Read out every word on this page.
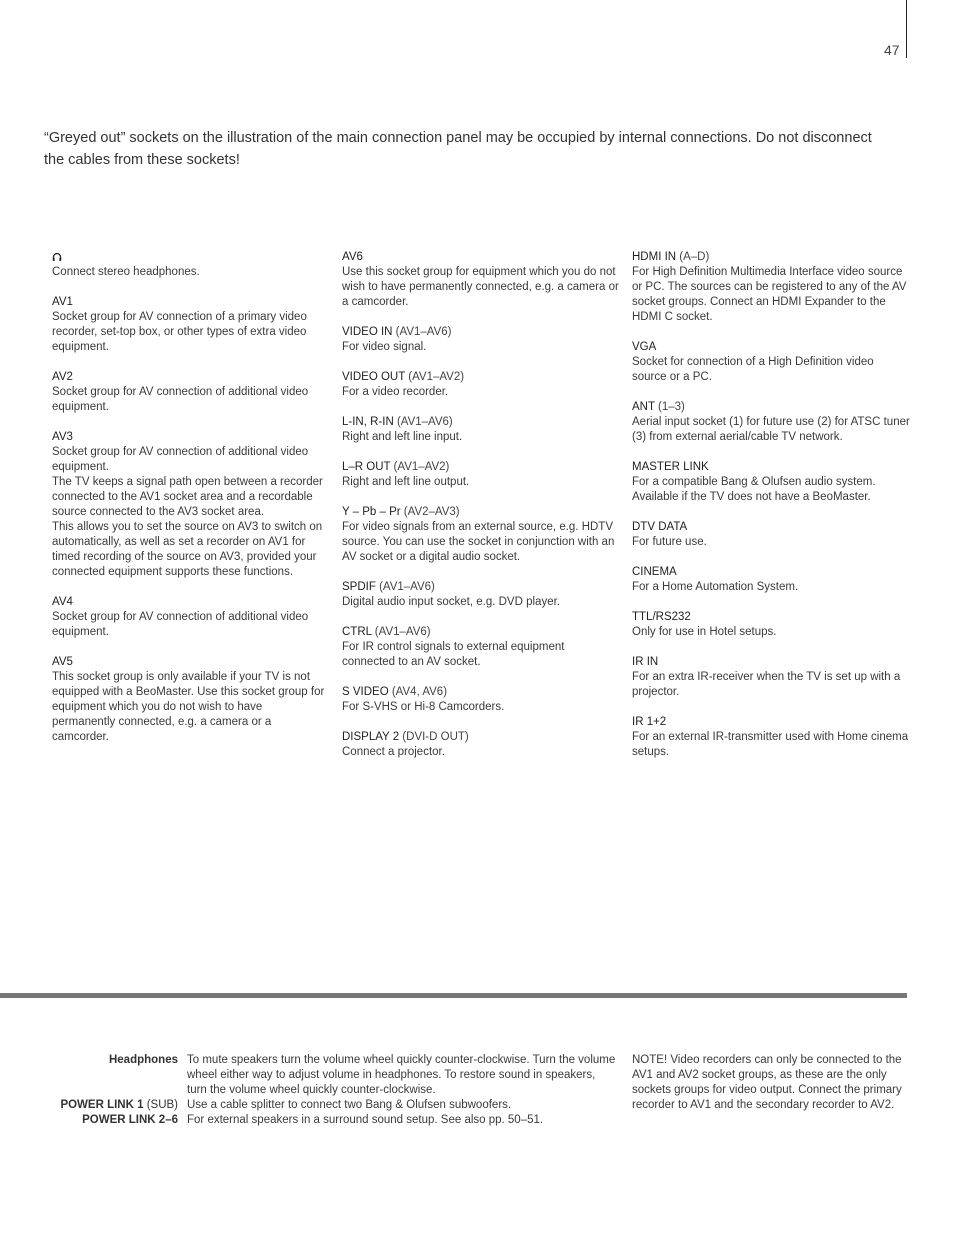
47
“Greyed out” sockets on the illustration of the main connection panel may be occupied by internal connections. Do not disconnect the cables from these sockets!
Connect stereo headphones.
AV1
Socket group for AV connection of a primary video recorder, set-top box, or other types of extra video equipment.
AV2
Socket group for AV connection of additional video equipment.
AV3
Socket group for AV connection of additional video equipment.
The TV keeps a signal path open between a recorder connected to the AV1 socket area and a recordable source connected to the AV3 socket area.
This allows you to set the source on AV3 to switch on automatically, as well as set a recorder on AV1 for timed recording of the source on AV3, provided your connected equipment supports these functions.
AV4
Socket group for AV connection of additional video equipment.
AV5
This socket group is only available if your TV is not equipped with a BeoMaster. Use this socket group for equipment which you do not wish to have permanently connected, e.g. a camera or a camcorder.
AV6
Use this socket group for equipment which you do not wish to have permanently connected, e.g. a camera or a camcorder.
VIDEO IN (AV1–AV6)
For video signal.
VIDEO OUT (AV1–AV2)
For a video recorder.
L-IN, R-IN (AV1–AV6)
Right and left line input.
L–R OUT (AV1–AV2)
Right and left line output.
Y – Pb – Pr (AV2–AV3)
For video signals from an external source, e.g. HDTV source. You can use the socket in conjunction with an AV socket or a digital audio socket.
SPDIF (AV1–AV6)
Digital audio input socket, e.g. DVD player.
CTRL (AV1–AV6)
For IR control signals to external equipment connected to an AV socket.
S VIDEO (AV4, AV6)
For S-VHS or Hi-8 Camcorders.
DISPLAY 2 (DVI-D OUT)
Connect a projector.
HDMI IN (A–D)
For High Definition Multimedia Interface video source or PC. The sources can be registered to any of the AV socket groups. Connect an HDMI Expander to the HDMI C socket.
VGA
Socket for connection of a High Definition video source or a PC.
ANT (1–3)
Aerial input socket (1) for future use (2) for ATSC tuner (3) from external aerial/cable TV network.
MASTER LINK
For a compatible Bang & Olufsen audio system. Available if the TV does not have a BeoMaster.
DTV DATA
For future use.
CINEMA
For a Home Automation System.
TTL/RS232
Only for use in Hotel setups.
IR IN
For an extra IR-receiver when the TV is set up with a projector.
IR 1+2
For an external IR-transmitter used with Home cinema setups.
Headphones To mute speakers turn the volume wheel quickly counter-clockwise. Turn the volume wheel either way to adjust volume in headphones. To restore sound in speakers, turn the volume wheel quickly counter-clockwise.
POWER LINK 1 (SUB) Use a cable splitter to connect two Bang & Olufsen subwoofers.
POWER LINK 2–6 For external speakers in a surround sound setup. See also pp. 50–51.
NOTE! Video recorders can only be connected to the AV1 and AV2 socket groups, as these are the only sockets groups for video output. Connect the primary recorder to AV1 and the secondary recorder to AV2.
